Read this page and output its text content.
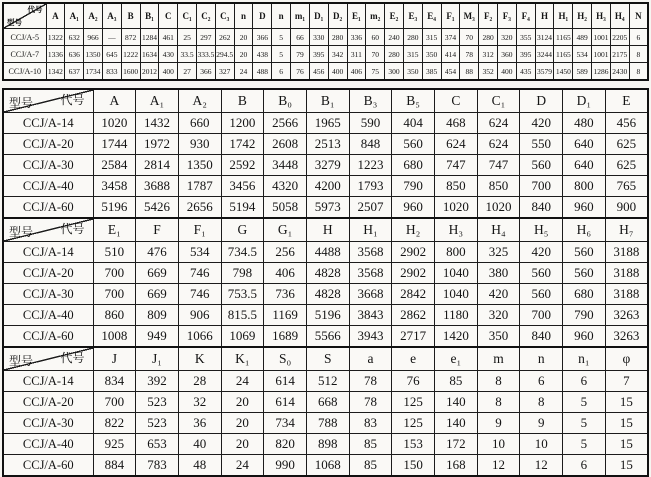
代号
型号	A	A₁	A₂	A₃	B	B₁	C	C₁	C₂	C₃	n	D	n	m₁	D₁	D₂	E₁	m₂	E₂	E₃	E₄	F₁	M₃	F₂	F₃	F₄	H	H₁	H₂	H₃	H₄	N
CCJ/A-5	1322	632	966	—	872	1284	461	25	297	262	20	366	5	66	330	280	336	60	240	280	315	374	70	280	320	355	3124	1165	489	1001	2205	6
CCJ/A-7	1336	636	1350	645	1222	1634	430	33.5	333.5	294.5	20	438	5	79	395	342	311	70	280	315	350	414	78	312	360	395	3244	1165	534	1001	2175	8
CCJ/A-10	1342	637	1734	833	1600	2012	400	27	366	327	24	488	6	76	456	400	406	75	300	350	385	454	88	352	400	435	3579	1450	589	1286	2430	8
代号
型号	A	A₁	A₂	B	B₀	B₁	B₃	B₅	C	C₁	D	D₁	E
CCJ/A-14	1020	1432	660	1200	2566	1965	590	404	468	624	420	480	456
CCJ/A-20	1744	1972	930	1742	2608	2513	848	560	624	624	550	640	625
CCJ/A-30	2584	2814	1350	2592	3448	3279	1223	680	747	747	560	640	625
CCJ/A-40	3458	3688	1787	3456	4320	4200	1793	790	850	850	700	800	765
CCJ/A-60	5196	5426	2656	5194	5058	5973	2507	960	1020	1020	840	960	900

代号
型号	E₁	F	F₁	G	G₁	H	H₁	H₂	H₃	H₄	H₅	H₆	H₇
CCJ/A-14	510	476	534	734.5	256	4488	3568	2902	800	325	420	560	3188
CCJ/A-20	700	669	746	798	406	4828	3568	2902	1040	380	560	560	3188
CCJ/A-30	700	669	746	753.5	736	4828	3668	2842	1040	420	560	680	3188
CCJ/A-40	860	809	906	815.5	1169	5196	3843	2862	1180	320	700	790	3263
CCJ/A-60	1008	949	1066	1069	1689	5566	3943	2717	1420	350	840	960	3263

代号
型号	J	J₁	K	K₁	S₀	S	a	e	e₁	m	n	n₁	φ
CCJ/A-14	834	392	28	24	614	512	78	76	85	8	6	6	7
CCJ/A-20	700	523	32	20	614	668	78	125	140	8	8	5	15
CCJ/A-30	822	523	36	20	734	788	83	125	140	9	9	5	15
CCJ/A-40	925	653	40	20	820	898	85	153	172	10	10	5	15
CCJ/A-60	884	783	48	24	990	1068	85	150	168	12	12	6	15
